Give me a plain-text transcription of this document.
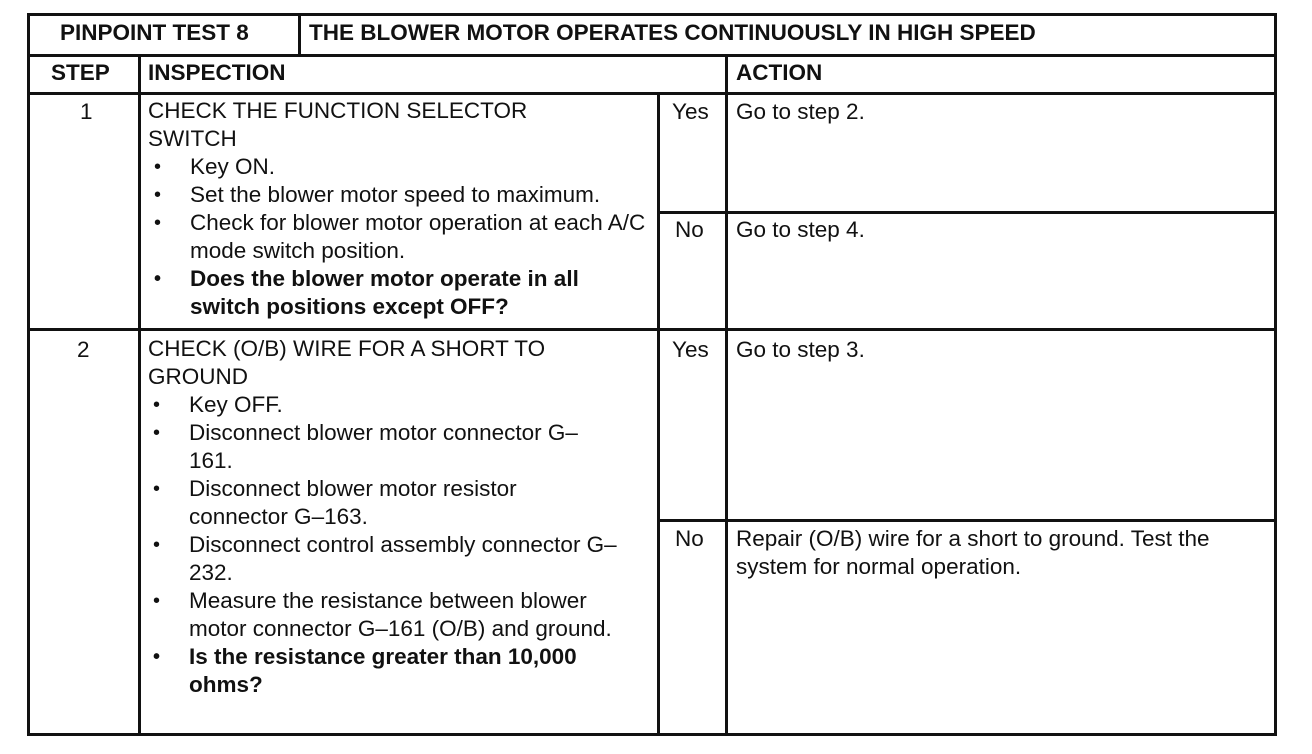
PINPOINT TEST 8	THE BLOWER MOTOR OPERATES CONTINUOUSLY IN HIGH SPEED
STEP INSPECTION	ACTION
1 CHECK THE FUNCTION SELECTOR SWITCH
• Key ON.
• Set the blower motor speed to maximum.
• Check for blower motor operation at each A/C mode switch position.
• Does the blower motor operate in all switch positions except OFF?
Yes Go to step 2.
No Go to step 4.
2	CHECK (O/B) WIRE FOR A SHORT TO GROUND
• Key OFF.
• Disconnect blower motor connector G–161.
• Disconnect blower motor resistor connector G–163.
• Disconnect control assembly connector G–232.
• Measure the resistance between blower motor connector G–161 (O/B) and ground.
• Is the resistance greater than 10,000 ohms?
Yes Go to step 3.
No Repair (O/B) wire for a short to ground. Test the system for normal operation.
